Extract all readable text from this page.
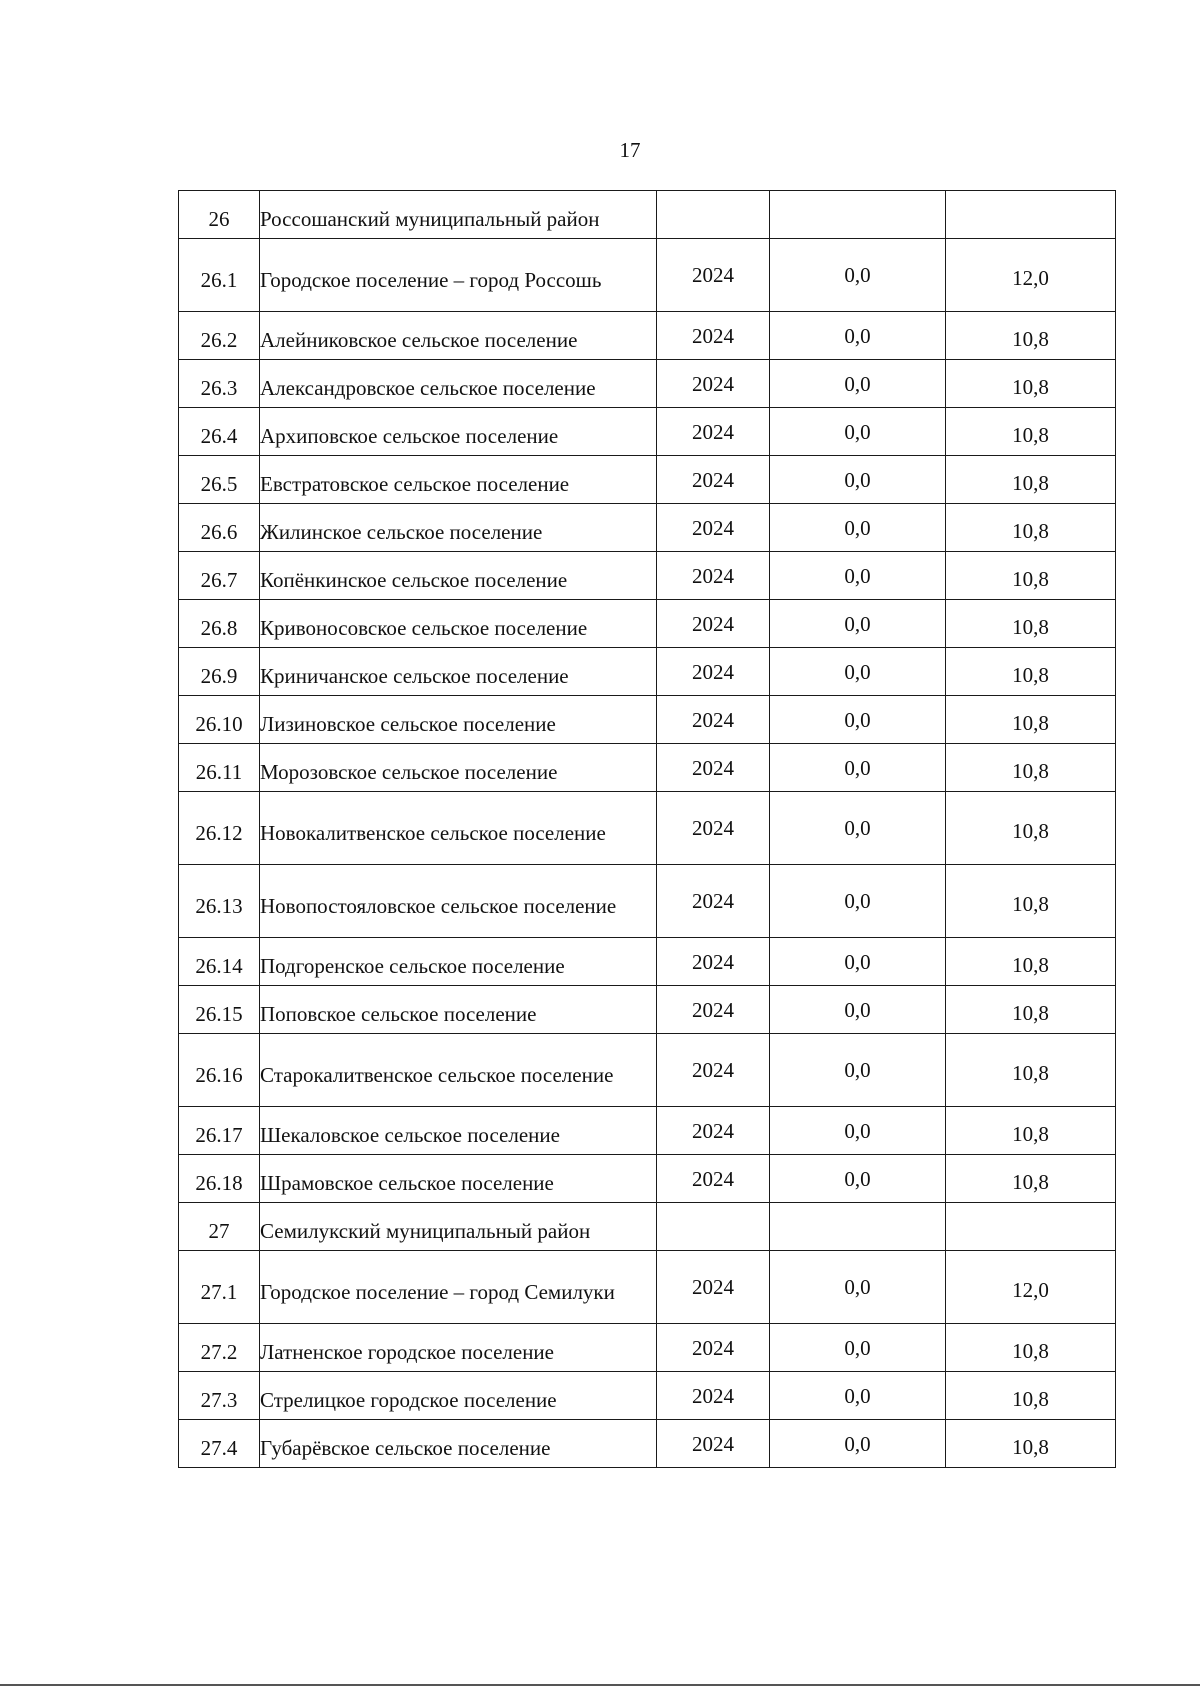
17
26	Россошанский муниципальный район			
26.1	Городское поселение – город Россошь	2024	0,0	12,0
26.2	Алейниковское сельское поселение	2024	0,0	10,8
26.3	Александровское сельское поселение	2024	0,0	10,8
26.4	Архиповское сельское поселение	2024	0,0	10,8
26.5	Евстратовское сельское поселение	2024	0,0	10,8
26.6	Жилинское сельское поселение	2024	0,0	10,8
26.7	Копёнкинское сельское поселение	2024	0,0	10,8
26.8	Кривоносовское сельское поселение	2024	0,0	10,8
26.9	Криничанское сельское поселение	2024	0,0	10,8
26.10	Лизиновское сельское поселение	2024	0,0	10,8
26.11	Морозовское сельское поселение	2024	0,0	10,8
26.12	Новокалитвенское сельское поселение	2024	0,0	10,8
26.13	Новопостояловское сельское поселение	2024	0,0	10,8
26.14	Подгоренское сельское поселение	2024	0,0	10,8
26.15	Поповское сельское поселение	2024	0,0	10,8
26.16	Старокалитвенское сельское поселение	2024	0,0	10,8
26.17	Шекаловское сельское поселение	2024	0,0	10,8
26.18	Шрамовское сельское поселение	2024	0,0	10,8
27	Семилукский муниципальный район			
27.1	Городское поселение – город Семилуки	2024	0,0	12,0
27.2	Латненское городское поселение	2024	0,0	10,8
27.3	Стрелицкое городское поселение	2024	0,0	10,8
27.4	Губарёвское сельское поселение	2024	0,0	10,8
